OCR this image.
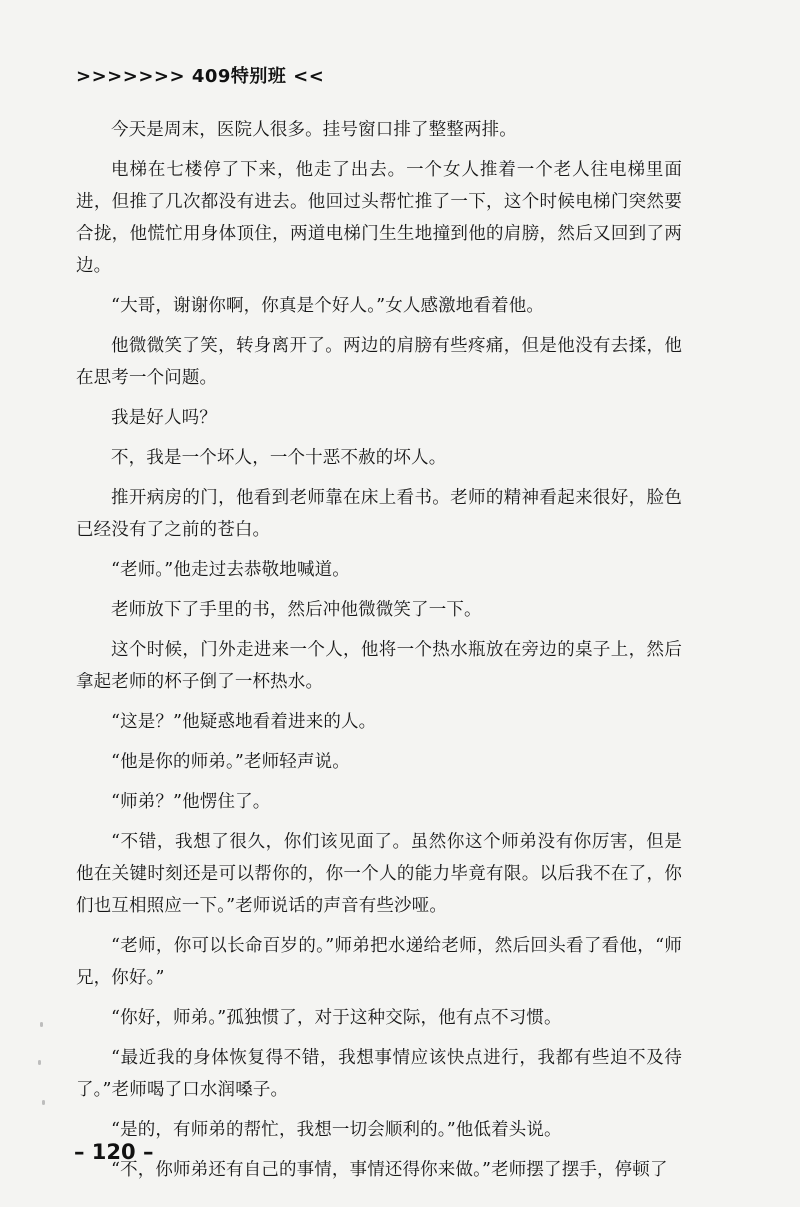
>>>>>>> 409特别班 <<

今天是周末，医院人很多。挂号窗口排了整整两排。

电梯在七楼停了下来，他走了出去。一个女人推着一个老人往电梯里面进，但推了几次都没有进去。他回过头帮忙推了一下，这个时候电梯门突然要合拢，他慌忙用身体顶住，两道电梯门生生地撞到他的肩膀，然后又回到了两边。

“大哥，谢谢你啊，你真是个好人。”女人感激地看着他。

他微微笑了笑，转身离开了。两边的肩膀有些疼痛，但是他没有去揉，他在思考一个问题。

我是好人吗？

不，我是一个坏人，一个十恶不赦的坏人。

推开病房的门，他看到老师靠在床上看书。老师的精神看起来很好，脸色已经没有了之前的苍白。

“老师。”他走过去恭敬地喊道。

老师放下了手里的书，然后冲他微微笑了一下。

这个时候，门外走进来一个人，他将一个热水瓶放在旁边的桌子上，然后拿起老师的杯子倒了一杯热水。

“这是？”他疑惑地看着进来的人。

“他是你的师弟。”老师轻声说。

“师弟？”他愣住了。

“不错，我想了很久，你们该见面了。虽然你这个师弟没有你厉害，但是他在关键时刻还是可以帮你的，你一个人的能力毕竟有限。以后我不在了，你们也互相照应一下。”老师说话的声音有些沙哑。

“老师，你可以长命百岁的。”师弟把水递给老师，然后回头看了看他，“师兄，你好。”

“你好，师弟。”孤独惯了，对于这种交际，他有点不习惯。

“最近我的身体恢复得不错，我想事情应该快点进行，我都有些迫不及待了。”老师喝了口水润嗓子。

“是的，有师弟的帮忙，我想一切会顺利的。”他低着头说。

“不，你师弟还有自己的事情，事情还得你来做。”老师摆了摆手，停顿了

– 120 –
